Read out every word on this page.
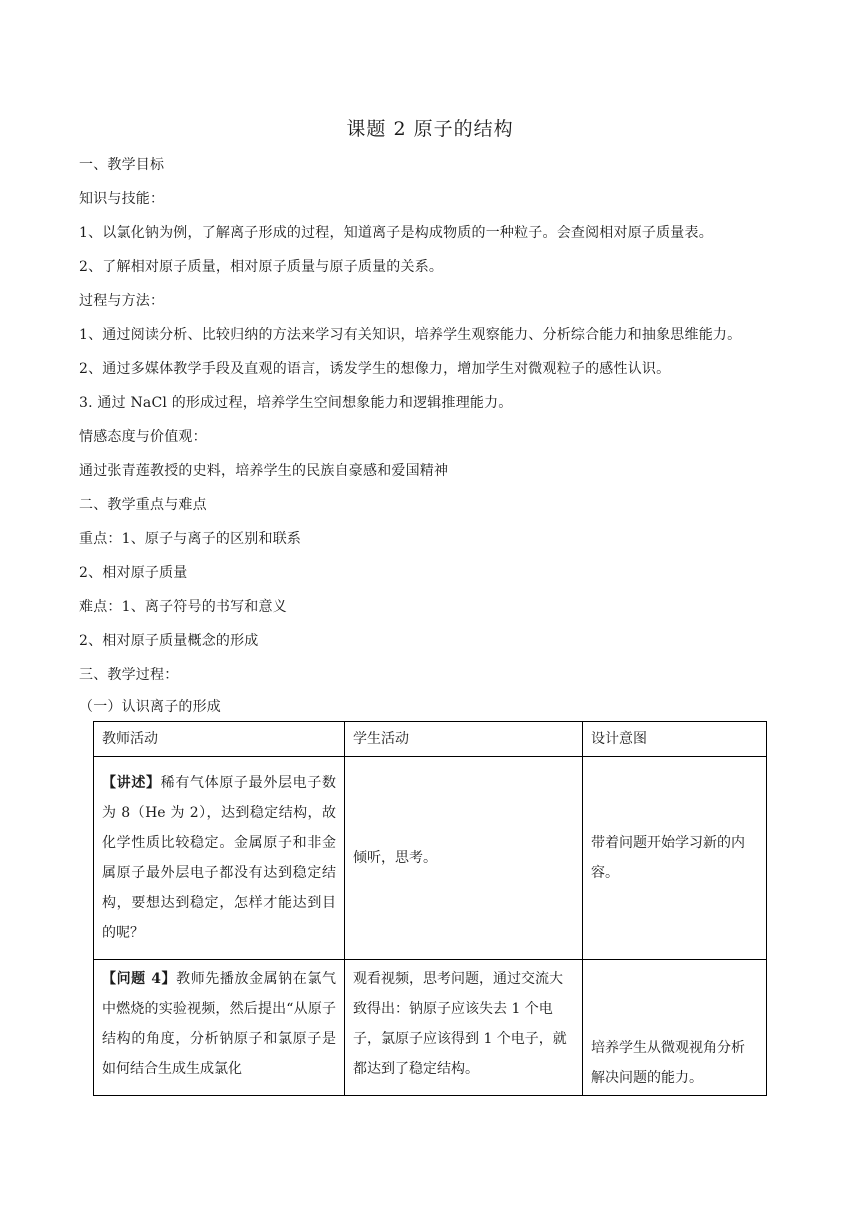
课题 2 原子的结构
一、教学目标
知识与技能：
1、以氯化钠为例，了解离子形成的过程，知道离子是构成物质的一种粒子。会查阅相对原子质量表。
2、了解相对原子质量，相对原子质量与原子质量的关系。
过程与方法：
1、通过阅读分析、比较归纳的方法来学习有关知识，培养学生观察能力、分析综合能力和抽象思维能力。
2、通过多媒体教学手段及直观的语言，诱发学生的想像力，增加学生对微观粒子的感性认识。
3. 通过 NaCl 的形成过程，培养学生空间想象能力和逻辑推理能力。
情感态度与价值观：
通过张青莲教授的史料，培养学生的民族自豪感和爱国精神
二、教学重点与难点
重点：1、原子与离子的区别和联系
2、相对原子质量
难点：1、离子符号的书写和意义
2、相对原子质量概念的形成
三、教学过程：
（一）认识离子的形成
教师活动	学生活动	设计意图
【讲述】稀有气体原子最外层电子数为 8（He 为 2），达到稳定结构，故化学性质比较稳定。金属原子和非金属原子最外层电子都没有达到稳定结构，要想达到稳定，怎样才能达到目的呢？	倾听，思考。	带着问题开始学习新的内容。
【问题 4】教师先播放金属钠在氯气中燃烧的实验视频，然后提出“从原子结构的角度，分析钠原子和氯原子是如何结合生成生成氯化	观看视频，思考问题，通过交流大致得出：钠原子应该失去 1 个电子，氯原子应该得到 1 个电子，就都达到了稳定结构。	培养学生从微观视角分析解决问题的能力。
